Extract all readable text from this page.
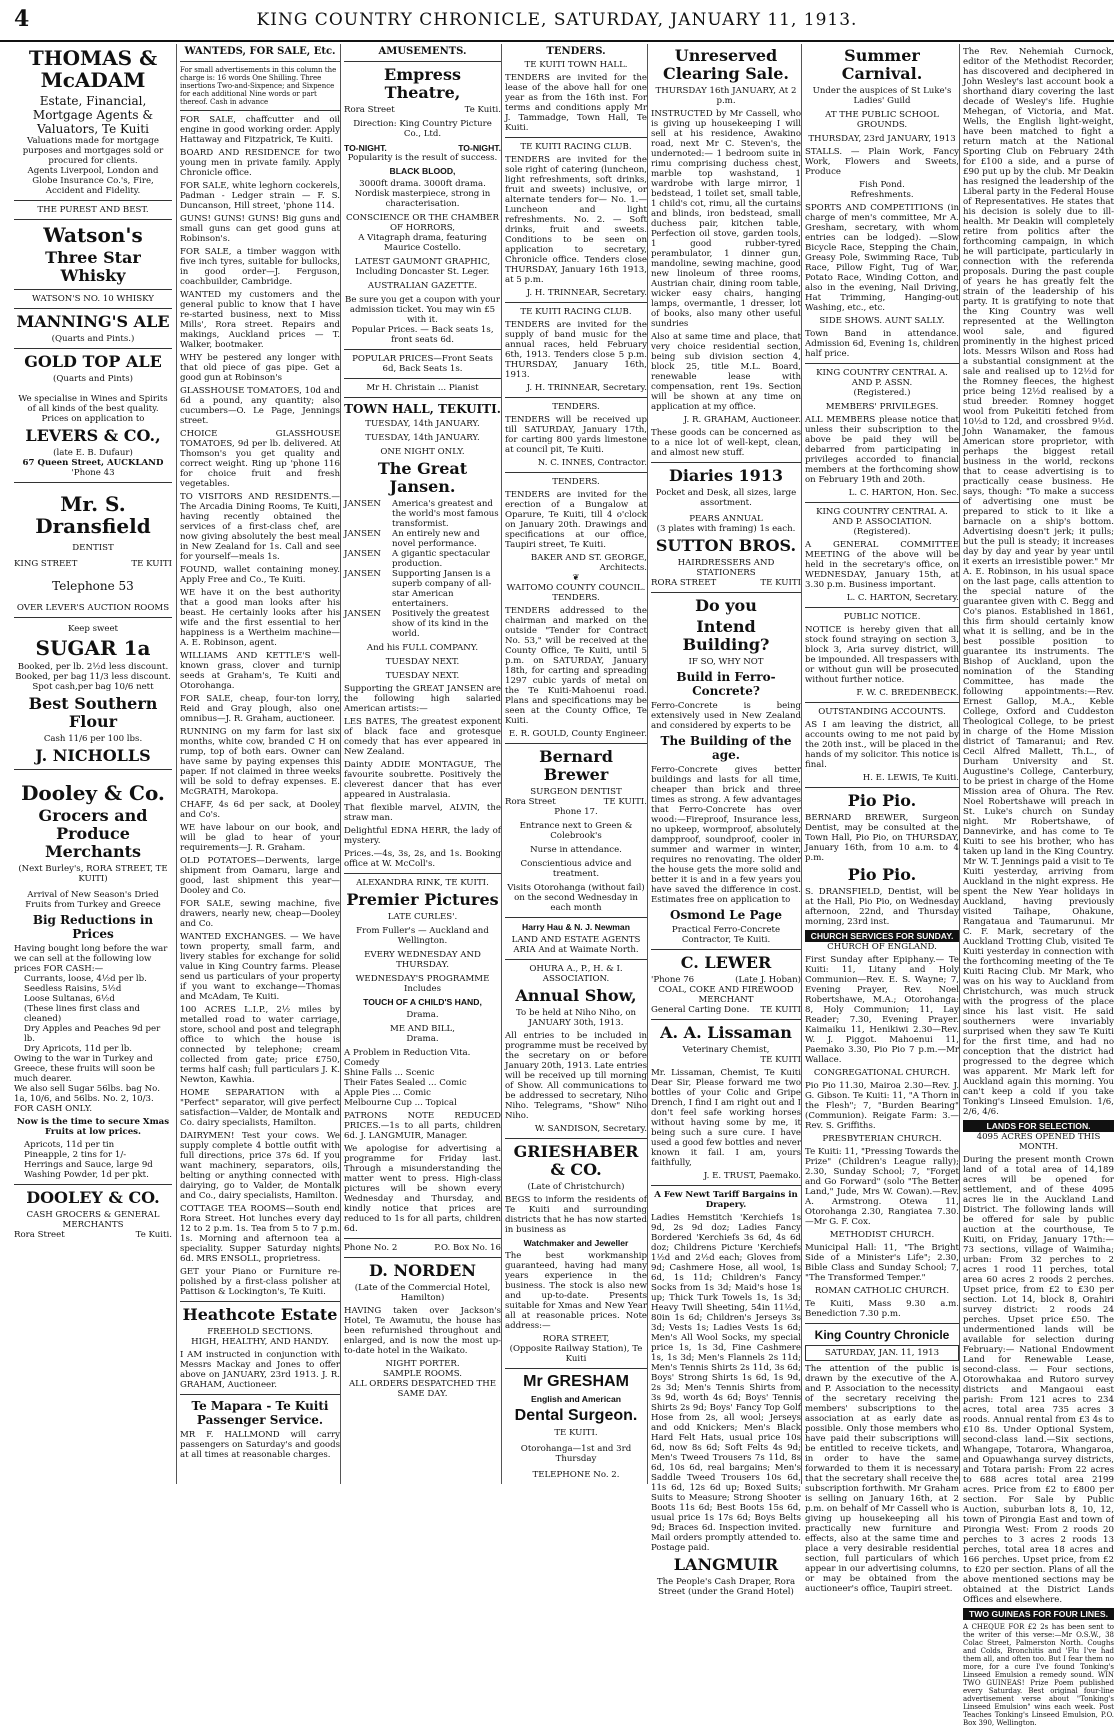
4	KING COUNTRY CHRONICLE, SATURDAY, JANUARY 11, 1913.
THOMAS & McADAM
Estate, Financial, Mortgage Agents & Valuators, Te Kuiti
Valuations made for mortgage purposes and mortgages sold or procured for clients.
Agents Liverpool, London and Globe Insurance Co.'s, Fire, Accident and Fidelity.
THE PUREST AND BEST.
Watson's
Three Star Whisky
WATSON'S NO. 10 WHISKY
MANNING'S ALE
(Quarts and Pints.)
GOLD TOP ALE
(Quarts and Pints)
We specialise in Wines and Spirits of all kinds of the best quality.
Prices on application to
LEVERS & CO.,
(late E. B. Dufaur)
67 Queen Street, AUCKLAND
'Phone 43
Mr. S. Dransfield
DENTIST
KING STREET	TE KUITI
Telephone 53
OVER LEVER'S AUCTION ROOMS
Keep sweet
SUGAR 1a
Booked, per lb. 2½d less discount.
Booked, per bag 11/3 less discount.
Spot cash,per bag 10/6 nett
Best Southern Flour
Cash 11/6 per 100 lbs.
J. NICHOLLS
Dooley & Co.
Grocers and Produce Merchants
(Next Burley's, RORA STREET, TE KUITI)
Arrival of New Season's Dried Fruits from Turkey and Greece
Big Reductions in Prices
Having bought long before the war we can sell at the following low prices FOR CASH:—
Currants, loose, 4½d per lb.
Seedless Raisins, 5½d
Loose Sultanas, 6½d
(These lines first class and cleaned)
Dry Apples and Peaches 9d per lb.
Dry Apricots, 11d per lb.
Owing to the war in Turkey and Greece, these fruits will soon be much dearer.
We also sell Sugar 56lbs. bag No. 1a, 10/6, and 56lbs. No. 2, 10/3. FOR CASH ONLY.
Now is the time to secure Xmas Fruits at low prices.
Apricots, 11d per tin
Pineapple, 2 tins for 1/-
Herrings and Sauce, large 9d
Washing Powder, 1d per pkt.
DOOLEY & CO.
CASH GROCERS & GENERAL MERCHANTS
Rora Street	Te Kuiti.
WANTEDS, FOR SALE, Etc.
For small advertisements in this column the charge is: 16 words One Shilling. Three insertions Two-and-Sixpence; and Sixpence for each additional Nine words or part thereof. Cash in advance

FOR SALE, chaffcutter and oil engine in good working order. Apply Hattaway and Fitzpatrick, Te Kuiti.

BOARD AND RESIDENCE for two young men in private family. Apply Chronicle office.

FOR SALE, white leghorn cockerels, Padman - Ledger strain — F. S. Duncanson, Hill street, 'phone 114.

GUNS! GUNS! GUNS! Big guns and small guns can get good guns at Robinson's.

FOR SALE, a timber waggon with five inch tyres, suitable for bullocks, in good order—J. Ferguson, coachbuilder, Cambridge.

WANTED my customers and the general public to know that I have re-started business, next to Miss Mills', Rora street. Repairs and makings, Auckland prices — T. Walker, bootmaker.

WHY be pestered any longer with that old piece of gas pipe. Get a good gun at Robinson's

GLASSHOUSE TOMATOES, 10d and 6d a pound, any quantity; also cucumbers—O. Le Page, Jennings street.

CHOICE GLASSHOUSE TOMATOES, 9d per lb. delivered. At Thomson's you get quality and correct weight. Ring up 'phone 116 for choice fruit and fresh vegetables.

TO VISITORS AND RESIDENTS.—The Arcadia Dining Rooms, Te Kuiti, having recently obtained the services of a first-class chef, are now giving absolutely the best meal in New Zealand for 1s. Call and see for yourself—meals 1s.

FOUND, wallet containing money. Apply Free and Co., Te Kuiti.

WE have it on the best authority that a good man looks after his beast. He certainly looks after his wife and the first essential to her happiness is a Wertheim machine—A. E. Robinson, agent.

WILLIAMS AND KETTLE'S well-known grass, clover and turnip seeds at Graham's, Te Kuiti and Otorohanga.

FOR SALE, cheap, four-ton lorry, Reid and Gray plough, also one omnibus—J. R. Graham, auctioneer.

RUNNING on my farm for last six months, white cow, branded C H on rump, top of both ears. Owner can have same by paying expenses this paper. If not claimed in three weeks will be sold to defray expenses. E. McGRATH, Marokopa.

CHAFF, 4s 6d per sack, at Dooley and Co's.

WE have labour on our book, and will be glad to hear of your requirements—J. R. Graham.

OLD POTATOES—Derwents, large shipment from Oamaru, large and good, last shipment this year—Dooley and Co.

FOR SALE, sewing machine, five drawers, nearly new, cheap—Dooley and Co.

WANTED EXCHANGES. — We have town property, small farm, and livery stables for exchange for solid value in King Country farms. Please send us particulars of your property if you want to exchange—Thomas and McAdam, Te Kuiti.

100 ACRES L.I.P., 2½ miles by metalled road to water carriage, store, school and post and telegraph office to which the house is connected by telephone; cream collected from gate; price £750, terms half cash; full particulars J. K. Newton, Kawhia.

HOME SEPARATION with a "Perfect" separator, will give perfect satisfaction—Valder, de Montalk and Co. dairy specialists, Hamilton.

DAIRYMEN! Test your cows. We supply complete 4 bottle outfit with full directions, price 37s 6d. If you want machinery, separators, oils, belting or anything connected with dairying, go to Valder, de Montalk and Co., dairy specialists, Hamilton.

COTTAGE TEA ROOMS—South end Rora Street. Hot lunches every day 12 to 2 p.m. 1s. Tea from 5 to 7 p.m. 1s. Morning and afternoon tea a speciality. Supper Saturday nights 6d. MRS ENSOLL, proprietress.

GET your Piano or Furniture re-polished by a first-class polisher at Pattison & Lockington's, Te Kuiti.

Heathcote Estate
FREEHOLD SECTIONS.
HIGH, HEALTHY, AND HANDY.

I AM instructed in conjunction with Messrs Mackay and Jones to offer above on JANUARY, 23rd 1913. J. R. GRAHAM, Auctioneer.

Te Mapara - Te Kuiti Passenger Service.

MR F. HALLMOND will carry passengers on Saturday's and goods at all times at reasonable charges.

AMUSEMENTS.
Empress Theatre,
Rora Street	Te Kuiti.
Direction: King Country Picture Co., Ltd.
TO-NIGHT.	TO-NIGHT.
Popularity is the result of success.
BLACK BLOOD,
3000ft drama. 3000ft drama. Nordisk masterpiece, strong in characterisation.
CONSCIENCE OR THE CHAMBER OF HORRORS,
A Vitagraph drama, featuring Maurice Costello.
LATEST GAUMONT GRAPHIC, Including Doncaster St. Leger.
AUSTRALIAN GAZETTE.
Be sure you get a coupon with your admission ticket. You may win £5 with it.
Popular Prices. — Back seats 1s, front seats 6d.
POPULAR PRICES—Front Seats 6d, Back Seats 1s.
Mr H. Christain ... Pianist
TOWN HALL, TEKUITI.
TUESDAY, 14th JANUARY.
TUESDAY, 14th JANUARY.
ONE NIGHT ONLY.
The Great Jansen.
JANSEN	America's greatest and the world's most famous transformist.
JANSEN	An entirely new and novel performance.
JANSEN	A gigantic spectacular production.
JANSEN	Supporting Jansen is a superb company of all-star American entertainers.
JANSEN	Positively the greatest show of its kind in the world.
And his FULL COMPANY.
TUESDAY NEXT.
TUESDAY NEXT.

Supporting the GREAT JANSEN are the following high salaried American artists:—

LES BATES, The greatest exponent of black face and grotesque comedy that has ever appeared in New Zealand.

Dainty ADDIE MONTAGUE, The favourite soubrette. Positively the cleverest dancer that has ever appeared in Australasia.

That flexible marvel, ALVIN, the straw man.

Delightful EDNA HERR, the lady of mystery.

Prices.—4s, 3s, 2s, and 1s. Booking office at W. McColl's.

ALEXANDRA RINK, TE KUITI.
Premier Pictures
LATE CURLES'.
From Fuller's — Auckland and Wellington.
EVERY WEDNESDAY AND THURSDAY.
WEDNESDAY'S PROGRAMME Includes
TOUCH OF A CHILD'S HAND,
Drama.
ME AND BILL,
Drama.
A Problem in Reduction Vita. Comedy
Shine Falls ... Scenic
Their Fates Sealed ... Comic
Apple Pies ... Comic
Melbourne Cup ... Topical

PATRONS NOTE REDUCED PRICES.—1s to all parts, children 6d. J. LANGMUIR, Manager.

We apologise for advertising a programme for Friday last. Through a misunderstanding the matter went to press. High-class pictures will be shown every Wednesday and Thursday, and kindly notice that prices are reduced to 1s for all parts, children 6d.

Phone No. 2	P.O. Box No. 16
D. NORDEN
(Late of the Commercial Hotel, Hamilton)

HAVING taken over Jackson's Hotel, Te Awamutu, the house has been refurnished throughout and enlarged, and is now the most up-to-date hotel in the Waikato.

NIGHT PORTER.
SAMPLE ROOMS.
ALL ORDERS DESPATCHED THE SAME DAY.
TENDERS.
TE KUITI TOWN HALL.

TENDERS are invited for the lease of the above hall for one year as from the 16th inst. For terms and conditions apply Mr J. Tammadge, Town Hall, Te Kuiti.

TE KUITI RACING CLUB.

TENDERS are invited for the sole right of catering (luncheon, light refreshments, soft drinks, fruit and sweets) inclusive, or alternate tenders for— No. 1.—Luncheon and light refreshments. No. 2. — Soft drinks, fruit and sweets. Conditions to be seen on application to secretary, Chronicle office. Tenders close THURSDAY, January 16th 1913, at 5 p.m.

J. H. TRINNEAR, Secretary.
TE KUITI RACING CLUB.

TENDERS are invited for the supply of band music for the annual races, held February 6th, 1913. Tenders close 5 p.m. THURSDAY, January 16th, 1913.

J. H. TRINNEAR, Secretary.
TENDERS.

TENDERS will be received up till SATURDAY, January 17th, for carting 800 yards limestone at council pit, Te Kuiti.

N. C. INNES, Contractor.
TENDERS.

TENDERS are invited for the erection of a Bungalow at Oparure, Te Kuiti, till 4 o'clock on January 20th. Drawings and specifications at our office, Taupiri street, Te Kuiti.

BAKER AND ST. GEORGE, Architects.
❦
WAITOMO COUNTY COUNCIL.
TENDERS.

TENDERS addressed to the chairman and marked on the outside "Tender for Contract No. 53," will be received at the County Office, Te Kuiti, until 5 p.m. on SATURDAY, January 18th, for carting and spreading 1297 cubic yards of metal on the Te Kuiti-Mahoenui road. Plans and specifications may be seen at the County Office, Te Kuiti.

E. R. GOULD, County Engineer.
Bernard Brewer
SURGEON DENTIST
Rora Street	TE KUITI.
Phone 17.
Entrance next to Green & Colebrook's
Nurse in attendance.
Conscientious advice and treatment.
Visits Otorohanga (without fail) on the second Wednesday in each month
Harry Hau & N. J. Newman
LAND AND ESTATE AGENTS
ARIA And at Waimate North.
OHURA A., P., H. & I. ASSOCIATION.
Annual Show,
To be held at Niho Niho, on JANUARY 30th, 1913.

All entries to be included in programme must be received by the secretary on or before January 20th, 1913. Late entries will be received up till morning of Show. All communications to be addressed to secretary, Niho Niho. Telegrams, "Show" Niho Niho.

W. SANDISON, Secretary.
GRIESHABER & CO.
(Late of Christchurch)

BEGS to inform the residents of Te Kuiti and surrounding districts that he has now started in business as

Watchmaker and Jeweller

The best workmanship guaranteed, having had many years experience in the business. The stock is also new and up-to-date. Presents suitable for Xmas and New Year all at reasonable prices. Note address:—

RORA STREET,
(Opposite Railway Station), Te Kuiti
Mr GRESHAM
English and American
Dental Surgeon.
TE KUITI.
Otorohanga—1st and 3rd Thursday
TELEPHONE No. 2.
Unreserved Clearing Sale.
THURSDAY 16th JANUARY, At 2 p.m.

INSTRUCTED by Mr Cassell, who is giving up housekeeping I will sell at his residence, Awakino road, next Mr C. Steven's, the undernoted:— 1 bedroom suite in rimu comprising duchess chest, marble top washstand, 1 wardrobe with large mirror, 1 bedstead, 1 toilet set, small table, 1 child's cot, rimu, all the curtains and blinds, iron bedstead, small duchess pair, kitchen table, Perfection oil stove, garden tools, 1 good rubber-tyred perambulator, 1 dinner gun, mandoline, sewing machine, good new linoleum of three rooms, Austrian chair, dining room table, wicker easy chairs, hanging lamps, overmantle, 1 dresser, lot of books, also many other useful sundries

Also at same time and place, that very choice residential section, being sub division section 4, block 25, title M.L. Board, renewable lease with compensation, rent 19s. Section will be shown at any time on application at my office.

J. R. GRAHAM, Auctioneer.

These goods can be concerned as to a nice lot of well-kept, clean, and almost new stuff.

Diaries 1913
Pocket and Desk, all sizes, large assortment.
PEARS ANNUAL
(3 plates with framing) 1s each.
SUTTON BROS.
HAIRDRESSERS AND STATIONERS
RORA STREET	TE KUITI
Do you
Intend Building?
IF SO, WHY NOT
Build in Ferro-Concrete?

Ferro-Concrete is being extensively used in New Zealand and considered by experts to be

The Building of the age.

Ferro-Concrete gives better buildings and lasts for all time, cheaper than brick and three times as strong. A few advantages that Ferro-Concrete has over wood:—Fireproof, Insurance less, no upkeep, wormproof, absolutely dampproof, soundproof, cooler in summer and warmer in winter, requires no renovating. The older the house gets the more solid and better it is and in a few years you have saved the difference in cost. Estimates free on application to

Osmond Le Page
Practical Ferro-Concrete Contractor, Te Kuiti.
C. LEWER
'Phone 76	(Late J. Hoban)
COAL, COKE AND FIREWOOD MERCHANT
General Carting Done. TE KUITI
A. A. Lissaman
Veterinary Chemist,
TE KUITI

Mr. Lissaman, Chemist, Te Kuiti Dear Sir, Please forward me two bottles of your Colic and Gripe Drench, I find I am right out and I don't feel safe working horses without having some by me, it being such a sure cure. I have used a good few bottles and never known it fail. I am, yours faithfully,

J. E. TRUST, Paemako.
A Few Newt Tariff Bargains in Drapery.

Ladies Hemstitch 'Kerchiefs 1s 9d, 2s 9d doz; Ladies Fancy Bordered 'Kerchiefs 3s 6d, 4s 6d doz; Childrens Picture 'Kerchiefs 1½d and 2½d each; Gloves from 9d; Cashmere Hose, all wool, 1s 6d, 1s 11d; Children's Fancy Socks from 1s 3d; Maid's hose 1s up; Thick Turk Towels 1s, 1s 3d; Heavy Twill Sheeting, 54in 11½d, 80in 1s 6d; Children's Jerseys 3s 3d; Vests 1s; Ladies Vests 1s 6d; Men's All Wool Socks, my special price 1s, 1s 3d, Fine Cashmere 1s, 1s 3d; Men's Flannels 2s 11d; Men's Tennis Shirts 2s 11d, 3s 6d; Boys' Strong Shirts 1s 6d, 1s 9d, 2s 3d; Men's Tennis Shirts from 3s 9d, worth 4s 6d; Boys' Tennis Shirts 2s 9d; Boys' Fancy Top Golf Hose from 2s, all wool; Jerseys and odd Knickers; Men's Black Hard Felt Hats, usual price 10s 6d, now 8s 6d; Soft Felts 4s 9d; Men's Tweed Trousers 7s 11d, 8s 6d, 10s 6d, real bargains; Men's Saddle Tweed Trousers 10s 6d, 11s 6d, 12s 6d up; Boxed Suits; Suits to Measure; Strong Shooter Boots 11s 6d; Best Boots 15s 6d, usual price 1s 17s 6d; Boys Belts 9d; Braces 6d. Inspection invited. Mail orders promptly attended to. Postage paid.

LANGMUIR
The People's Cash Draper, Rora Street (under the Grand Hotel)
Summer Carnival.
Under the auspices of St Luke's Ladies' Guild
AT THE PUBLIC SCHOOL GROUNDS.
THURSDAY, 23rd JANUARY, 1913

STALLS. — Plain Work, Fancy Work, Flowers and Sweets, Produce

Fish Pond.
Refreshments.

SPORTS AND COMPETITIONS (in charge of men's committee, Mr A. Gresham, secretary, with whom entries can be lodged). —Slow Bicycle Race, Stepping the Chain, Greasy Pole, Swimming Race, Tub Race, Pillow Fight, Tug of War, Potato Race, Winding Cotton, and also in the evening, Nail Driving, Hat Trimming, Hanging-out Washing, etc., etc.

SIDE SHOWS. AUNT SALLY.

Town Band in attendance. Admission 6d, Evening 1s, children half price.

KING COUNTRY CENTRAL A. AND P. ASSN.
(Registered.)
MEMBERS' PRIVILEGES.

ALL MEMBERS please notice that unless their subscription to the above be paid they will be debarred from participating in privileges accorded to financial members at the forthcoming show on February 19th and 20th.

L. C. HARTON, Hon. Sec.
KING COUNTRY CENTRAL A. AND P. ASSOCIATION.
(Registered).

A GENERAL COMMITTEE MEETING of the above will be held in the secretary's office, on WEDNESDAY, January 15th, at 3.30 p.m. Business important.

L. C. HARTON, Secretary.
PUBLIC NOTICE.

NOTICE is hereby given that all stock found straying on section 3, block 3, Aria survey district, will be impounded. All trespassers with or without gun will be prosecuted without further notice.

F. W. C. BREDENBECK.
OUTSTANDING ACCOUNTS.

AS I am leaving the district, all accounts owing to me not paid by the 20th inst., will be placed in the hands of my solicitor. This notice is final.

H. E. LEWIS, Te Kuiti.
Pio Pio.

BERNARD BREWER, Surgeon Dentist, may be consulted at the Town Hall, Pio Pio, on THURSDAY, January 16th, from 10 a.m. to 4 p.m.

Pio Pio.

S. DRANSFIELD, Dentist, will be at the Hall, Pio Pio, on Wednesday afternoon, 22nd, and Thursday morning, 23rd inst.

CHURCH SERVICES FOR SUNDAY.
CHURCH OF ENGLAND.

First Sunday after Epiphany.— Te Kuiti: 11, Litany and Holy Communion—Rev. E. S. Wayne; 7, Evening Prayer, Rev. Noel Robertshawe, M.A.; Otorohanga: 8, Holy Communion; 11, Lay Reader; 7.30, Evening Prayer. Kaimaiku 11, Henikiwi 2.30—Rev. W. J. Piggot. Mahoenui 11, Paemako 3.30, Pio Pio 7 p.m.—Mr Wallace.

CONGREGATIONAL CHURCH.

Pio Pio 11.30, Mairoa 2.30—Rev. J. G. Gibson. Te Kuiti: 11, "A Thorn in the Flesh"; 7, "Burden Bearing" (Communion). Reigate Farm: 3.—Rev. S. Griffiths.

PRESBYTERIAN CHURCH.

Te Kuiti: 11, "Pressing Towards the Prize" (Children's League rally); 2.30, Sunday School; 7, "Forget and Go Forward" (solo "The Better Land," Jude, Mrs W. Cowan).—Rev. A. Armstrong. Otewa 11, Otorohanga 2.30, Rangiatea 7.30.—Mr G. F. Cox.

METHODIST CHURCH.

Municipal Hall: 11, "The Bright Side of a Minister's Life"; 2.30, Bible Class and Sunday School; 7, "The Transformed Temper."

ROMAN CATHOLIC CHURCH.

Te Kuiti, Mass 9.30 a.m. Benediction 7.30 p.m.

King Country Chronicle
SATURDAY, JAN. 11, 1913

The attention of the public is drawn by the executive of the A. and P. Association to the necessity of the secretary receiving the members' subscriptions to the association at as early date as possible. Only those members who have paid their subscriptions will be entitled to receive tickets, and in order to have the same forwarded to them it is necessary that the secretary shall receive the subscription forthwith. Mr Graham is selling on January 16th, at 2 p.m. on behalf of Mr Cassell who is giving up housekeeping all his practically new furniture and effects, also at the same time and place a very desirable residential section, full particulars of which appear in our advertising columns, or may be obtained from the auctioneer's office, Taupiri street.

The Rev. Nehemiah Curnock, editor of the Methodist Recorder, has discovered and deciphered in John Wesley's last account book a shorthand diary covering the last decade of Wesley's life. Hughie Mehegan, of Victoria, and Mat. Wells, the English light-weight, have been matched to fight a return match at the National Sporting Club on February 24th for £100 a side, and a purse of £90 put up by the club. Mr Deakin has resigned the leadership of the Liberal party in the Federal House of Representatives. He states that his decision is solely due to ill-health. Mr Deakin will completely retire from politics after the forthcoming campaign, in which he will participate, particularly in connection with the referenda proposals. During the past couple of years he has greatly felt the strain of the leadership of his party. It is gratifying to note that the King Country was well represented at the Wellington wool sale, and figured prominently in the highest priced lots. Messrs Wilson and Ross had a substantial consignment at the sale and realised up to 12½d for the Romney fleeces, the highest price being 12½d realised by a stud breeder. Romney hogget wool from Pukeititi fetched from 10½d to 12d, and crossbred 9½d. John Wanamaker, the famous American store proprietor, with perhaps the biggest retail business in the world, reckons that to cease advertising is to practically cease business. He says, though: "To make a success of advertising one must be prepared to stick to it like a barnacle on a ship's bottom. Advertising doesn't jerk; it pulls; but the pull is steady; it increases day by day and year by year until it exerts an irresistible power." Mr A. E. Robinson, in his usual space on the last page, calls attention to the special nature of the guarantee given with C. Begg and Co's pianos. Established in 1861, this firm should certainly know what it is selling, and be in the best possible position to guarantee its instruments. The Bishop of Auckland, upon the nomination of the Standing Committee, has made the following appointments:—Rev. Ernest Gallop, M.A., Keble College, Oxford and Cuddeston Theological College, to be priest in charge of the Home Mission district of Tamaranui; and Rev. Cecil Alfred Mallett, Th.L., of Durham University and St. Augustine's College, Canterbury, to be priest in charge of the Home Mission area of Ohura. The Rev. Noel Robertshawe will preach in St. Luke's church on Sunday night. Mr Robertshawe, of Dannevirke, and has come to Te Kuiti to see his brother, who has taken up land in the King Country. Mr W. T. Jennings paid a visit to Te Kuiti yesterday, arriving from Auckland in the night express. He spent the New Year holidays in Auckland, having previously visited Taihape, Ohakune, Rangataua and Taumarunui. Mr C. F. Mark, secretary of the Auckland Trotting Club, visited Te Kuiti yesterday in connection with the forthcoming meeting of the Te Kuiti Racing Club. Mr Mark, who was on his way to Auckland from Christchurch, was much struck with the progress of the place since his last visit. He said southerners were invariably surprised when they saw Te Kuiti for the first time, and had no conception that the district had progressed to the degree which was apparent. Mr Mark left for Auckland again this morning. You can't keep a cold if you take Tonking's Linseed Emulsion. 1/6, 2/6, 4/6.

LANDS FOR SELECTION.
4095 ACRES OPENED THIS MONTH.

During the present month Crown land of a total area of 14,189 acres will be opened for settlement, and of these 4095 acres lie in the Auckland Land District. The following lands will be offered for sale by public auction at the courthouse, Te Kuiti, on Friday, January 17th:—73 sections, village of Waimiha; urban: From 32 perches to 2 acres 1 rood 11 perches, total area 60 acres 2 roods 2 perches. Upset price, from £2 to £30 per section. Lot 14, block 8, Orahiri survey district: 2 roods 24 perches. Upset price £50. The undermentioned lands will be available for selection during February:— National Endowment Land for Renewable Lease, second-class. — Four sections, Otorowhakaa and Rutoro survey districts and Mangaoui east parish: From 121 acres to 234 acres, total area 735 acres 3 roods. Annual rental from £3 4s to £10 8s. Under Optional System, second-class land.—Six sections, Whangape, Totarora, Whangaroa, and Opuawhanga survey districts, and Totara parish: From 22 acres to 688 acres total area 2199 acres. Price from £2 to £800 per section. For Sale by Public Auction, suburban lots 8, 10, 12, town of Pirongia East and town of Pirongia West: From 2 roods 20 perches to 3 acres 2 roods 13 perches, total area 18 acres and 166 perches. Upset price, from £2 to £20 per section. Plans of all the above mentioned sections may be obtained at the District Lands Offices and elsewhere.

TWO GUINEAS FOR FOUR LINES.

A CHEQUE FOR £2 2s has been sent to the writer of this verse:—Mr O.S.W., 38 Colac Street, Palmerston North. Coughs and Colds, Bronchitis and 'Flu I've had them all, and often too. But I fear them no more, for a cure I've found Tonking's Linseed Emulsion a remedy sound. WIN TWO GUINEAS! Prize Poem published every Saturday. Best original four-line advertisement verse about "Tonking's Linseed Emulsion" wins each week. Post Teaches Tonking's Linseed Emulsion, P.O. Box 390, Wellington.
